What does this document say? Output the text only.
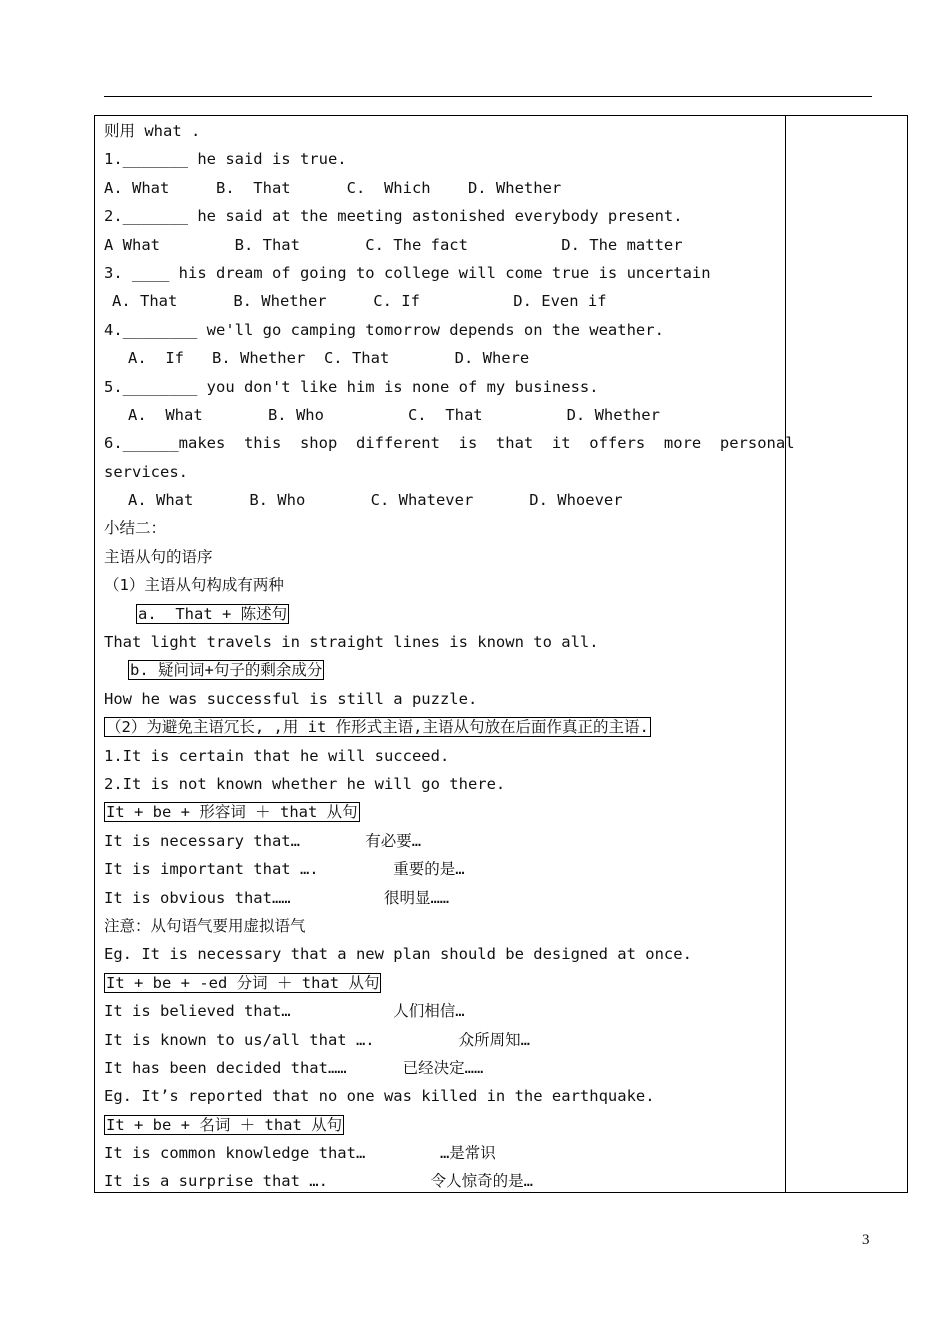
则用 what .
1._______ he said is true.
A. What     B.  That      C.  Which    D. Whether
2._______ he said at the meeting astonished everybody present.
A What        B. That       C. The fact          D. The matter
3. ____ his dream of going to college will come true is uncertain
A. That      B. Whether     C. If          D. Even if
4.________ we'll go camping tomorrow depends on the weather.
A.  If   B. Whether  C. That       D. Where
5.________ you don't like him is none of my business.
A.  What       B. Who         C.  That         D. Whether
6.______makes  this  shop  different  is  that  it  offers  more  personal
services.
A. What      B. Who       C. Whatever      D. Whoever
小结二：
主语从句的语序
（1）主语从句构成有两种
a.  That + 陈述句
That light travels in straight lines is known to all.
b. 疑问词+句子的剩余成分
How he was successful is still a puzzle.
（2）为避免主语冗长, ,用 it 作形式主语,主语从句放在后面作真正的主语.
1.It is certain that he will succeed.
2.It is not known whether he will go there.
It + be + 形容词 ＋ that 从句
It is necessary that…       有必要…
It is important that ….        重要的是…
It is obvious that……          很明显……
注意：从句语气要用虚拟语气
Eg. It is necessary that a new plan should be designed at once.
It + be + -ed 分词 ＋ that 从句
It is believed that…           人们相信…
It is known to us/all that ….         众所周知…
It has been decided that……      已经决定……
Eg. It’s reported that no one was killed in the earthquake.
It + be + 名词 ＋ that 从句
It is common knowledge that…        …是常识
It is a surprise that ….           令人惊奇的是…
3
